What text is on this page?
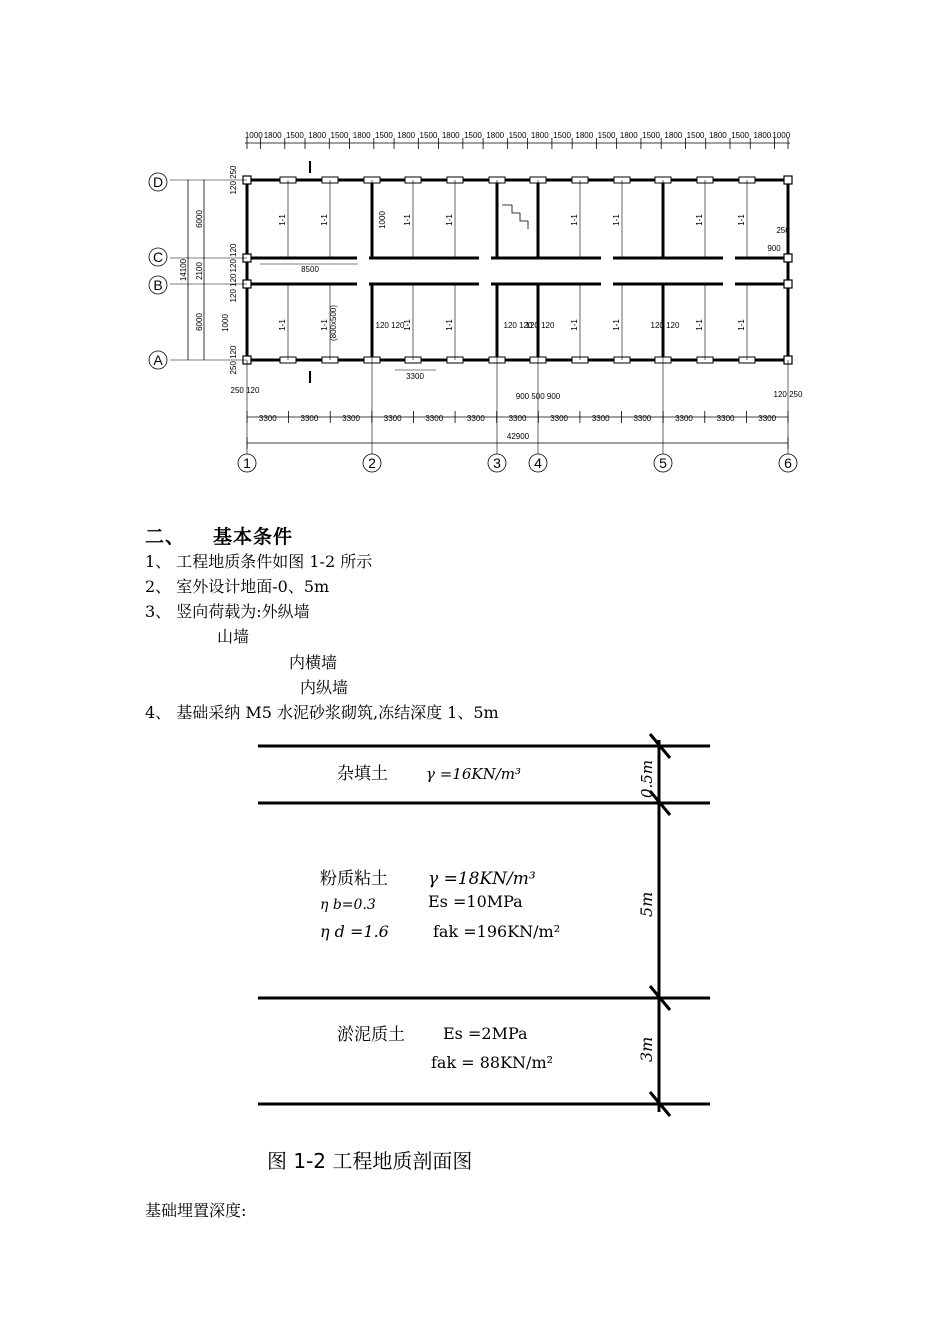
1000 1800 1500 1800 1500 1800 1500 1800 1500 1800 1500 1800 1500 1800 1500 1800 1500 1800 1500 1800 1500 1800 1500 1800 1000
1-1	1-1	1-1	1-1	1-1	1-1	1-1	1-1
1-1	1-1	1-1	1-1	1-1	1-1	1-1	1-1
D
C
B
A
6000
2100
6000
14100
120 250
120 120
120 120
250 120
8500
3300
120 120	120 120
120 120	120 120
900 500 900
900
250
(800x500)
1000
1000
250 120	120 250
3300	3300	3300	3300	3300	3300	3300	3300	3300	3300	3300	3300	3300
42900
1	2	3 4	5	6
二、 基本条件
1、 工程地质条件如图 1-2 所示
2、 室外设计地面-0、5m
3、 竖向荷载为:外纵墙
山墙
内横墙
内纵墙
4、 基础采纳 M5 水泥砂浆砌筑,冻结深度 1、5m
杂填土	γ =16KN/m³	0.5m
粉质粘土 γ =18KN/m³
η b=0.3	Es =10MPa
η d =1.6	fak =196KN/m²
5m
淤泥质土 Es =2MPa
fak = 88KN/m²
3m
图 1-2 工程地质剖面图
基础埋置深度:
